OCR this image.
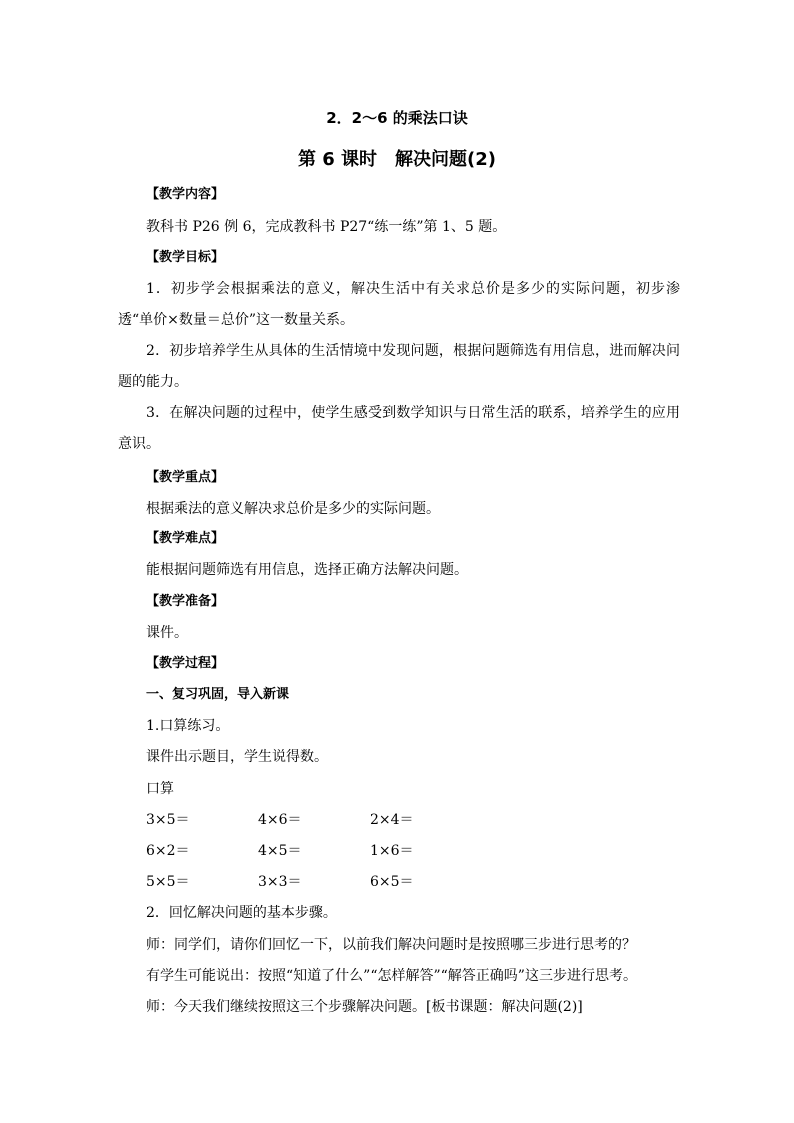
2．2～6 的乘法口诀
第 6 课时　解决问题(2)
【教学内容】
教科书 P26 例 6，完成教科书 P27“练一练”第 1、5 题。
【教学目标】
1．初步学会根据乘法的意义，解决生活中有关求总价是多少的实际问题，初步渗透“单价×数量＝总价”这一数量关系。
2．初步培养学生从具体的生活情境中发现问题，根据问题筛选有用信息，进而解决问题的能力。
3．在解决问题的过程中，使学生感受到数学知识与日常生活的联系，培养学生的应用意识。
【教学重点】
根据乘法的意义解决求总价是多少的实际问题。
【教学难点】
能根据问题筛选有用信息，选择正确方法解决问题。
【教学准备】
课件。
【教学过程】
一、复习巩固，导入新课
1.口算练习。
课件出示题目，学生说得数。
口算
3×5＝	4×6＝	2×4＝
6×2＝	4×5＝	1×6＝
5×5＝	3×3＝	6×5＝
2．回忆解决问题的基本步骤。
师：同学们，请你们回忆一下，以前我们解决问题时是按照哪三步进行思考的？
有学生可能说出：按照“知道了什么”“怎样解答”“解答正确吗”这三步进行思考。
师：今天我们继续按照这三个步骤解决问题。[板书课题：解决问题(2)]
